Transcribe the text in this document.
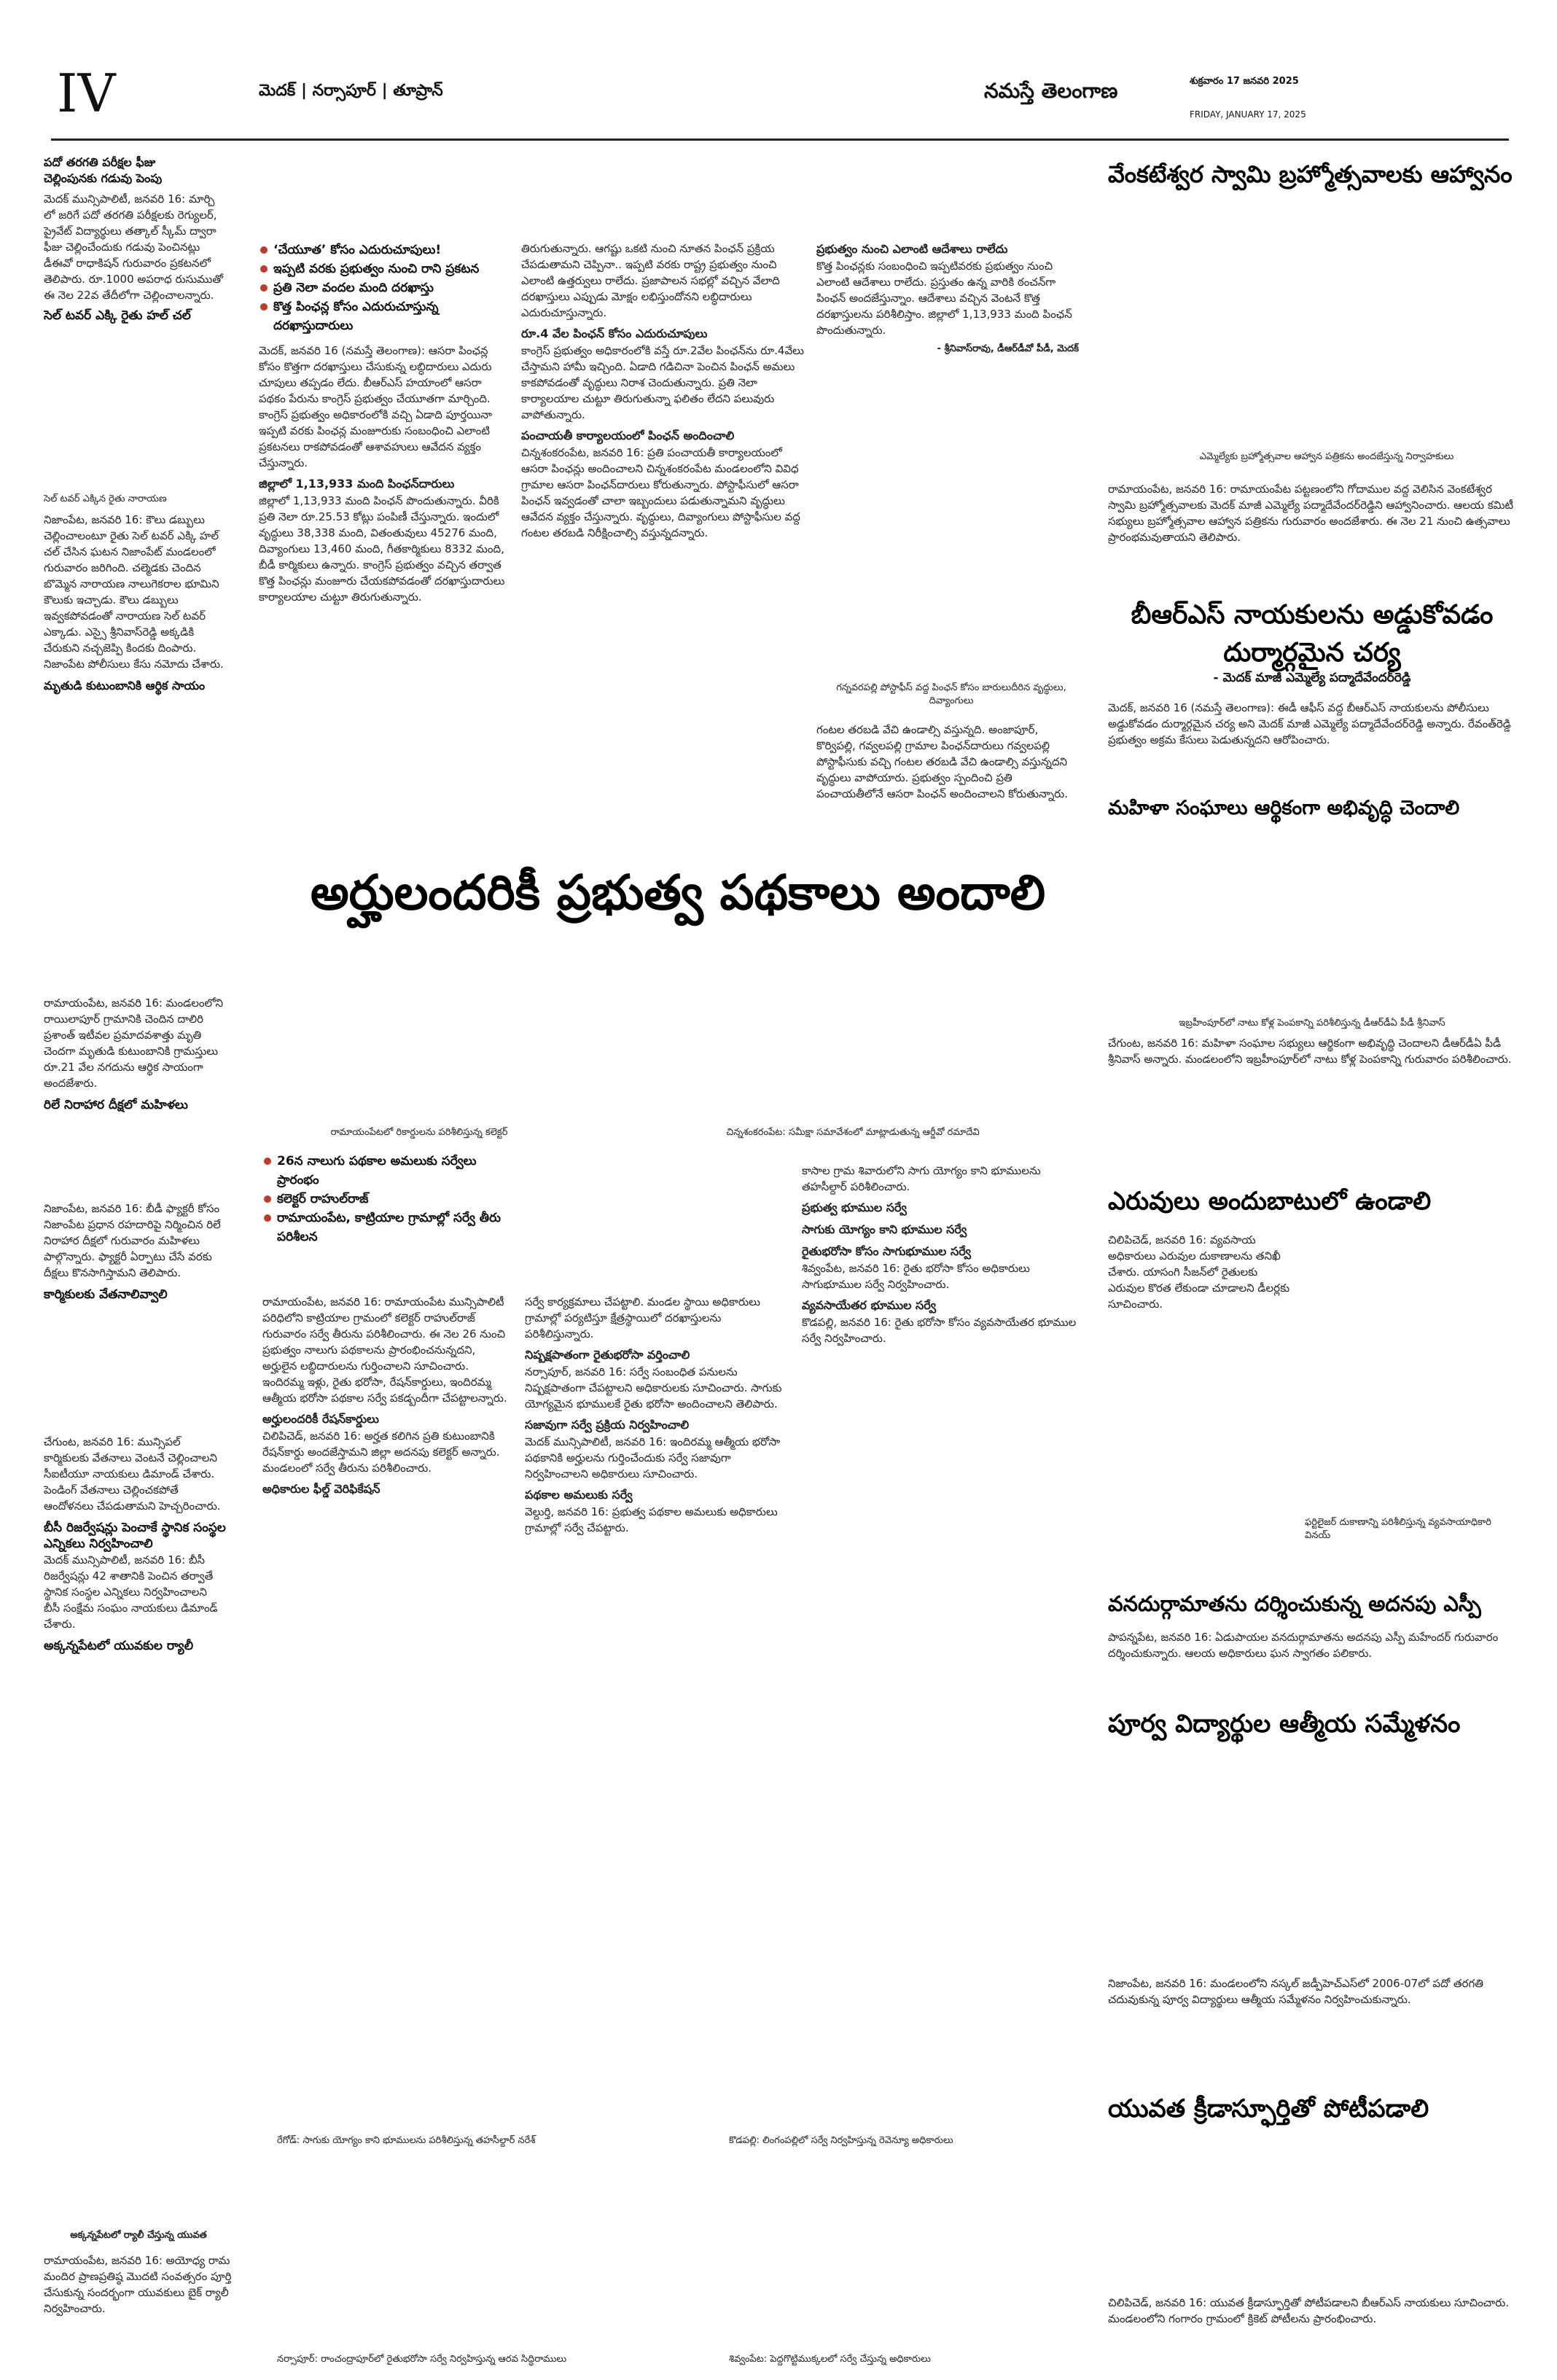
IV	మెదక్ | నర్సాపూర్ | తూప్రాన్	నమస్తే తెలంగాణ	శుక్రవారం 17 జనవరి 2025
FRIDAY, JANUARY 17, 2025
పదో తరగతి పరీక్షల ఫీజు
చెల్లింపునకు గడువు పెంపు
మెదక్ మున్సిపాలిటీ, జనవరి 16: మార్చి లో జరిగే పదో తరగతి పరీక్షలకు రెగ్యులర్, ప్రైవేట్ విద్యార్థులు తత్కాల్ స్కీమ్ ద్వారా ఫీజు చెల్లించేందుకు గడువు పెంచినట్లు డీఈవో రాధాకిషన్ గురువారం ప్రకటనలో తెలిపారు. రూ.1000 అపరాధ రుసుముతో ఈ నెల 22వ తేదీలోగా చెల్లించాలన్నారు.
సెల్ టవర్ ఎక్కి రైతు హల్ చల్
సెల్ టవర్ ఎక్కిన రైతు నారాయణ
నిజాంపేట, జనవరి 16: కౌలు డబ్బులు చెల్లించాలంటూ రైతు సెల్ టవర్ ఎక్కి హల్ చల్ చేసిన ఘటన నిజాంపేట్ మండలంలో గురువారం జరిగింది. చల్మెడకు చెందిన బొమ్మెన నారాయణ నాలుగెకరాల భూమిని కౌలుకు ఇచ్చాడు. కౌలు డబ్బులు ఇవ్వకపోవడంతో నారాయణ సెల్ టవర్ ఎక్కాడు. ఎస్సై శ్రీనివాస్‌రెడ్డి అక్కడికి చేరుకుని నచ్చజెప్పి కిందకు దింపారు. నిజాంపేట పోలీసులు కేసు నమోదు చేశారు.
మృతుడి కుటుంబానికి ఆర్థిక సాయం
‘చేయూత’ కోసం ఎదురుచూపులు!
ఇప్పటి వరకు ప్రభుత్వం నుంచి రాని ప్రకటన
ప్రతి నెలా వందల మంది దరఖాస్తు
కొత్త పింఛన్ల కోసం ఎదురుచూస్తున్న దరఖాస్తుదారులు
మెదక్, జనవరి 16 (నమస్తే తెలంగాణ): ఆసరా పింఛన్ల కోసం కొత్తగా దరఖాస్తులు చేసుకున్న లబ్ధిదారులు ఎదురు చూపులు తప్పడం లేదు. బీఆర్‌ఎస్ హయాంలో ఆసరా పథకం పేరును కాంగ్రెస్ ప్రభుత్వం చేయూతగా మార్చింది. కాంగ్రెస్ ప్రభుత్వం అధికారంలోకి వచ్చి ఏడాది పూర్తయినా ఇప్పటి వరకు పింఛన్ల మంజూరుకు సంబంధించి ఎలాంటి ప్రకటనలు రాకపోవడంతో ఆశావహులు ఆవేదన వ్యక్తం చేస్తున్నారు.
జిల్లాలో 1,13,933 మంది పింఛన్‌దారులు
జిల్లాలో 1,13,933 మంది పింఛన్ పొందుతున్నారు. వీరికి ప్రతి నెలా రూ.25.53 కోట్లు పంపిణీ చేస్తున్నారు. ఇందులో వృద్ధులు 38,338 మంది, వితంతువులు 45276 మంది, దివ్యాంగులు 13,460 మంది, గీతకార్మికులు 8332 మంది, బీడీ కార్మికులు ఉన్నారు. కాంగ్రెస్ ప్రభుత్వం వచ్చిన తర్వాత కొత్త పింఛన్లు మంజూరు చేయకపోవడంతో దరఖాస్తుదారులు కార్యాలయాల చుట్టూ తిరుగుతున్నారు.
తిరుగుతున్నారు. ఆగష్టు ఒకటి నుంచి నూతన పింఛన్ ప్రక్రియ చేపడుతామని చెప్పినా.. ఇప్పటి వరకు రాష్ట్ర ప్రభుత్వం నుంచి ఎలాంటి ఉత్తర్వులు రాలేదు. ప్రజాపాలన సభల్లో వచ్చిన వేలాది దరఖాస్తులు ఎప్పుడు మోక్షం లభిస్తుందోనని లబ్ధిదారులు ఎదురుచూస్తున్నారు.
రూ.4 వేల పింఛన్ కోసం ఎదురుచూపులు
కాంగ్రెస్ ప్రభుత్వం అధికారంలోకి వస్తే రూ.2వేల పింఛన్‌ను రూ.4వేలు చేస్తామని హామీ ఇచ్చింది. ఏడాది గడిచినా పెంచిన పింఛన్ అమలు కాకపోవడంతో వృద్ధులు నిరాశ చెందుతున్నారు. ప్రతి నెలా కార్యాలయాల చుట్టూ తిరుగుతున్నా ఫలితం లేదని పలువురు వాపోతున్నారు.
పంచాయతీ కార్యాలయంలో పింఛన్ అందించాలి
చిన్నశంకరంపేట, జనవరి 16: ప్రతి పంచాయతీ కార్యాలయంలో ఆసరా పింఛన్లు అందించాలని చిన్నశంకరంపేట మండలంలోని వివిధ గ్రామాల ఆసరా పింఛన్‌దారులు కోరుతున్నారు. పోస్టాఫీసులో ఆసరా పింఛన్ ఇవ్వడంతో చాలా ఇబ్బందులు పడుతున్నామని వృద్ధులు ఆవేదన వ్యక్తం చేస్తున్నారు. వృద్ధులు, దివ్యాంగులు పోస్టాఫీసుల వద్ద గంటల తరబడి నిరీక్షించాల్సి వస్తున్నదన్నారు.
ప్రభుత్వం నుంచి ఎలాంటి ఆదేశాలు రాలేదు
కొత్త పింఛన్లకు సంబంధించి ఇప్పటివరకు ప్రభుత్వం నుంచి ఎలాంటి ఆదేశాలు రాలేదు. ప్రస్తుతం ఉన్న వారికి ఠంచన్‌గా పింఛన్ అందజేస్తున్నాం. ఆదేశాలు వచ్చిన వెంటనే కొత్త దరఖాస్తులను పరిశీలిస్తాం. జిల్లాలో 1,13,933 మంది పింఛన్ పొందుతున్నారు.
- శ్రీనివాస్‌రావు, డీఆర్‌డీవో పీడీ, మెదక్
గన్నవరపల్లి పోస్టాఫీస్ వద్ద పింఛన్ కోసం బారులుదీరిన వృద్ధులు, దివ్యాంగులు
గంటల తరబడి వేచి ఉండాల్సి వస్తున్నది. అంజాపూర్, కొర్విపల్లి, గవ్వలపల్లి గ్రామాల పింఛన్‌దారులు గవ్వలపల్లి పోస్టాఫీసుకు వచ్చి గంటల తరబడి వేచి ఉండాల్సి వస్తున్నదని వృద్ధులు వాపోయారు. ప్రభుత్వం స్పందించి ప్రతి పంచాయతీలోనే ఆసరా పింఛన్ అందించాలని కోరుతున్నారు.
అర్హులందరికీ ప్రభుత్వ పథకాలు అందాలి
వేంకటేశ్వర స్వామి బ్రహ్మోత్సవాలకు ఆహ్వానం
ఎమ్మెల్యేకు బ్రహ్మోత్సవాల ఆహ్వాన పత్రికను అందజేస్తున్న నిర్వాహకులు
రామాయంపేట, జనవరి 16: రామాయంపేట పట్టణంలోని గోదాముల వద్ద వెలిసిన వెంకటేశ్వర స్వామి బ్రహ్మోత్సవాలకు మెదక్ మాజీ ఎమ్మెల్యే పద్మాదేవేందర్‌రెడ్డిని ఆహ్వానించారు. ఆలయ కమిటీ సభ్యులు బ్రహ్మోత్సవాల ఆహ్వాన పత్రికను గురువారం అందజేశారు. ఈ నెల 21 నుంచి ఉత్సవాలు ప్రారంభమవుతాయని తెలిపారు.
బీఆర్‌ఎస్ నాయకులను అడ్డుకోవడం దుర్మార్గమైన చర్య
- మెదక్ మాజీ ఎమ్మెల్యే పద్మాదేవేందర్‌రెడ్డి
మెదక్, జనవరి 16 (నమస్తే తెలంగాణ): ఈడీ ఆఫీస్ వద్ద బీఆర్‌ఎస్ నాయకులను పోలీసులు అడ్డుకోవడం దుర్మార్గమైన చర్య అని మెదక్ మాజీ ఎమ్మెల్యే పద్మాదేవేందర్‌రెడ్డి అన్నారు. రేవంత్‌రెడ్డి ప్రభుత్వం అక్రమ కేసులు పెడుతున్నదని ఆరోపించారు.
మహిళా సంఘాలు ఆర్థికంగా అభివృద్ధి చెందాలి
రామాయంపేట, జనవరి 16: మండలంలోని రాయిలాపూర్ గ్రామానికి చెందిన దాలిరి ప్రశాంత్ ఇటీవల ప్రమాదవశాత్తు మృతి చెందగా మృతుడి కుటుంబానికి గ్రామస్తులు రూ.21 వేల నగదును ఆర్థిక సాయంగా అందజేశారు.
రిలే నిరాహార దీక్షలో మహిళలు
నిజాంపేట, జనవరి 16: బీడీ ఫ్యాక్టరీ కోసం నిజాంపేట ప్రధాన రహదారిపై నిర్మించిన రిలే నిరాహార దీక్షలో గురువారం మహిళలు పాల్గొన్నారు. ఫ్యాక్టరీ ఏర్పాటు చేసే వరకు దీక్షలు కొనసాగిస్తామని తెలిపారు.
కార్మికులకు వేతనాలివ్వాలి
చేగుంట, జనవరి 16: మున్సిపల్ కార్మికులకు వేతనాలు వెంటనే చెల్లించాలని సీఐటీయూ నాయకులు డిమాండ్ చేశారు. పెండింగ్ వేతనాలు చెల్లించకపోతే ఆందోళనలు చేపడుతామని హెచ్చరించారు.
బీసీ రిజర్వేషన్లు పెంచాకే స్థానిక సంస్థల ఎన్నికలు నిర్వహించాలి
మెదక్ మున్సిపాలిటీ, జనవరి 16: బీసీ రిజర్వేషన్లు 42 శాతానికి పెంచిన తర్వాతే స్థానిక సంస్థల ఎన్నికలు నిర్వహించాలని బీసీ సంక్షేమ సంఘం నాయకులు డిమాండ్ చేశారు.
అక్కన్నపేటలో యువకుల ర్యాలీ
రామాయంపేటలో రికార్డులను పరిశీలిస్తున్న కలెక్టర్	చిన్నశంకరంపేట: సమీక్షా సమావేశంలో మాట్లాడుతున్న ఆర్డీవో రమాదేవి
26న నాలుగు పథకాల అమలుకు సర్వేలు ప్రారంభం
కలెక్టర్ రాహుల్‌రాజ్
రామాయంపేట, కాట్రియాల గ్రామాల్లో సర్వే తీరు పరిశీలన
రామాయంపేట, జనవరి 16: రామాయంపేట మున్సిపాలిటీ పరిధిలోని కాట్రియాల గ్రామంలో కలెక్టర్ రాహుల్‌రాజ్ గురువారం సర్వే తీరును పరిశీలించారు. ఈ నెల 26 నుంచి ప్రభుత్వం నాలుగు పథకాలను ప్రారంభించనున్నదని, అర్హులైన లబ్ధిదారులను గుర్తించాలని సూచించారు. ఇందిరమ్మ ఇళ్లు, రైతు భరోసా, రేషన్‌కార్డులు, ఇందిరమ్మ ఆత్మీయ భరోసా పథకాల సర్వే పకడ్బందీగా చేపట్టాలన్నారు.
అర్హులందరికీ రేషన్‌కార్డులు
చిలిపిచెడ్, జనవరి 16: అర్హత కలిగిన ప్రతి కుటుంబానికి రేషన్‌కార్డు అందజేస్తామని జిల్లా అదనపు కలెక్టర్ అన్నారు. మండలంలో సర్వే తీరును పరిశీలించారు.
అధికారుల ఫీల్డ్ వెరిఫికేషన్
సర్వే కార్యక్రమాలు చేపట్టాలి. మండల స్థాయి అధికారులు గ్రామాల్లో పర్యటిస్తూ క్షేత్రస్థాయిలో దరఖాస్తులను పరిశీలిస్తున్నారు.
నిష్పక్షపాతంగా రైతుభరోసా వర్తించాలి
నర్సాపూర్, జనవరి 16: సర్వే సంబంధిత పనులను నిష్పక్షపాతంగా చేపట్టాలని అధికారులకు సూచించారు. సాగుకు యోగ్యమైన భూములకే రైతు భరోసా అందించాలని తెలిపారు.
సజావుగా సర్వే ప్రక్రియ నిర్వహించాలి
మెదక్ మున్సిపాలిటీ, జనవరి 16: ఇందిరమ్మ ఆత్మీయ భరోసా పథకానికి అర్హులను గుర్తించేందుకు సర్వే సజావుగా నిర్వహించాలని అధికారులు సూచించారు.
పథకాల అమలుకు సర్వే
వెల్దుర్తి, జనవరి 16: ప్రభుత్వ పథకాల అమలుకు అధికారులు గ్రామాల్లో సర్వే చేపట్టారు.
కాసాల గ్రామ శివారులోని సాగు యోగ్యం కాని భూములను తహసీల్దార్ పరిశీలించారు.
ప్రభుత్వ భూముల సర్వే
సాగుకు యోగ్యం కాని భూముల సర్వే
రైతుభరోసా కోసం సాగుభూముల సర్వే
శివ్వంపేట, జనవరి 16: రైతు భరోసా కోసం అధికారులు సాగుభూముల సర్వే నిర్వహించారు.
వ్యవసాయేతర భూముల సర్వే
కొడపల్లి, జనవరి 16: రైతు భరోసా కోసం వ్యవసాయేతర భూముల సర్వే నిర్వహించారు.
రేగోడ్: సాగుకు యోగ్యం కాని భూములను పరిశీలిస్తున్న తహసీల్దార్ నరేశ్	కొడపల్లి: లింగంపల్లిలో సర్వే నిర్వహిస్తున్న రెవెన్యూ అధికారులు
నర్సాపూర్: రాంచంద్రాపూర్‌లో రైతుభరోసా సర్వే నిర్వహిస్తున్న ఆరవ సిద్ధిరాములు	శివ్వంపేట: పెద్దగొట్టిముక్కలలో సర్వే చేస్తున్న అధికారులు
ఇబ్రహీంపూర్‌లో నాటు కోళ్ల పెంపకాన్ని పరిశీలిస్తున్న డీఆర్‌డీఏ పీడీ శ్రీనివాస్
చేగుంట, జనవరి 16: మహిళా సంఘాల సభ్యులు ఆర్థికంగా అభివృద్ధి చెందాలని డీఆర్‌డీఏ పీడీ శ్రీనివాస్ అన్నారు. మండలంలోని ఇబ్రహీంపూర్‌లో నాటు కోళ్ల పెంపకాన్ని గురువారం పరిశీలించారు.
ఎరువులు అందుబాటులో ఉండాలి
చిలిపిచెడ్, జనవరి 16: వ్యవసాయ అధికారులు ఎరువుల దుకాణాలను తనిఖీ చేశారు. యాసంగి సీజన్‌లో రైతులకు ఎరువుల కొరత లేకుండా చూడాలని డీలర్లకు సూచించారు.
ఫర్టిలైజర్ దుకాణాన్ని పరిశీలిస్తున్న వ్యవసాయాధికారి వినయ్
వనదుర్గామాతను దర్శించుకున్న అదనపు ఎస్పీ
పాపన్నపేట, జనవరి 16: ఏడుపాయల వనదుర్గామాతను అదనపు ఎస్పీ మహేందర్ గురువారం దర్శించుకున్నారు. ఆలయ అధికారులు ఘన స్వాగతం పలికారు.
పూర్వ విద్యార్థుల ఆత్మీయ సమ్మేళనం
నిజాంపేట, జనవరి 16: మండలంలోని నస్కల్ జడ్పీహెచ్ఎస్‌లో 2006-07లో పదో తరగతి చదువుకున్న పూర్వ విద్యార్థులు ఆత్మీయ సమ్మేళనం నిర్వహించుకున్నారు.
యువత క్రీడాస్ఫూర్తితో పోటీపడాలి
చిలిపిచెడ్, జనవరి 16: యువత క్రీడాస్ఫూర్తితో పోటీపడాలని బీఆర్‌ఎస్ నాయకులు సూచించారు. మండలంలోని గంగారం గ్రామంలో క్రికెట్ పోటీలను ప్రారంభించారు.
అక్కన్నపేటలో ర్యాలీ చేస్తున్న యువత
రామాయంపేట, జనవరి 16: అయోధ్య రామ మందిర ప్రాణప్రతిష్ఠ మొదటి సంవత్సరం పూర్తి చేసుకున్న సందర్భంగా యువకులు బైక్ ర్యాలీ నిర్వహించారు.
